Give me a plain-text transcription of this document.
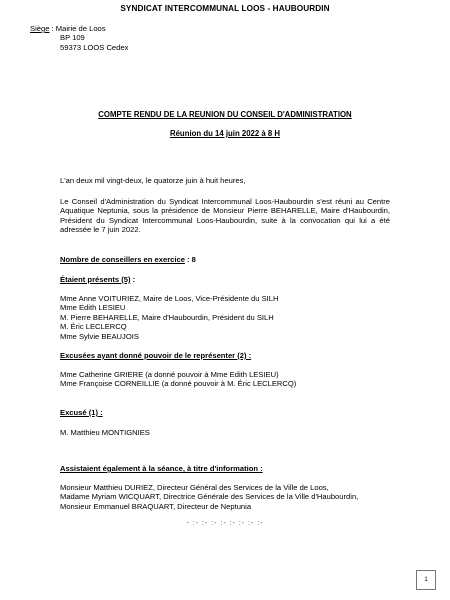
SYNDICAT INTERCOMMUNAL LOOS - HAUBOURDIN
Siège : Mairie de Loos
BP 109
59373 LOOS Cedex
COMPTE RENDU DE LA REUNION DU CONSEIL D'ADMINISTRATION
Réunion du 14 juin 2022 à 8 H
L'an deux mil vingt-deux, le quatorze juin à huit heures,
Le Conseil d'Administration du Syndicat Intercommunal Loos-Haubourdin s'est réuni au Centre Aquatique Neptunia, sous la présidence de Monsieur Pierre BEHARELLE, Maire d'Haubourdin, Président du Syndicat Intercommunal Loos-Haubourdin, suite à la convocation qui lui a été adressée le 7 juin 2022.
Nombre de conseillers en exercice : 8
Étaient présents (5) :
Mme Anne VOITURIEZ, Maire de Loos, Vice-Présidente du SILH
Mme Edith LESIEU
M. Pierre BEHARELLE, Maire d'Haubourdin, Président du SILH
M. Éric LECLERCQ
Mme Sylvie BEAUJOIS
Excusées ayant donné pouvoir de le représenter (2) :
Mme Catherine GRIERE (a donné pouvoir à Mme Edith LESIEU)
Mme Françoise CORNEILLIE (a donné pouvoir à M. Éric LECLERCQ)
Excusé (1) :
M. Matthieu MONTIGNIES
Assistaient également à la séance, à titre d'information :
Monsieur Matthieu DURIEZ, Directeur Général des Services de la Ville de Loos,
Madame Myriam WICQUART, Directrice Générale des Services de la Ville d'Haubourdin,
Monsieur Emmanuel BRAQUART, Directeur de Neptunia
- :- :- :- :- :- :- :- :-
1
